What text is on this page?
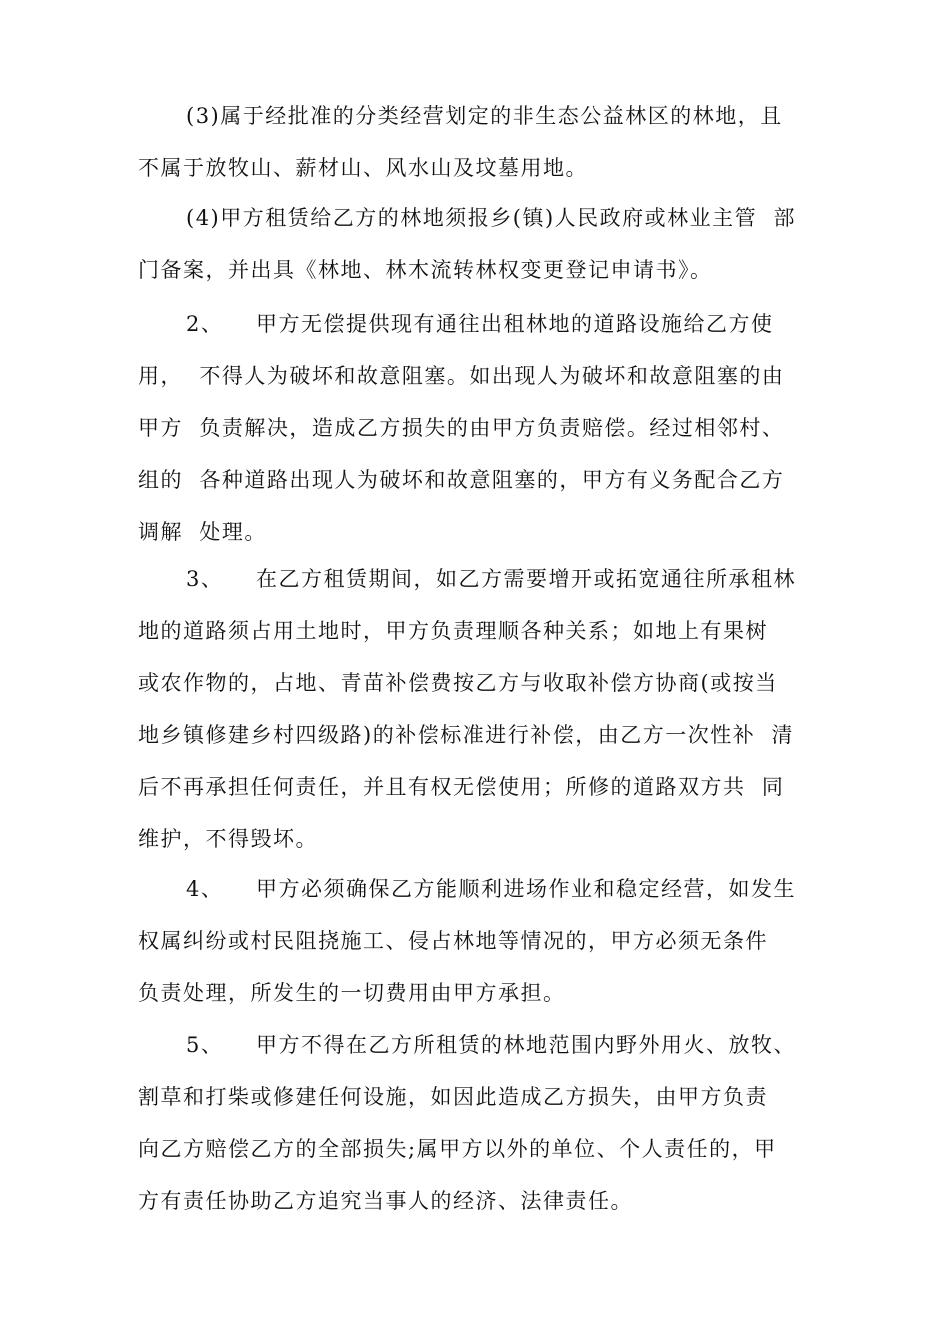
(3)属于经批准的分类经营划定的非生态公益林区的林地，且
不属于放牧山、薪材山、风水山及坟墓用地。
(4)甲方租赁给乙方的林地须报乡(镇)人民政府或林业主管  部
门备案，并出具《林地、林木流转林权变更登记申请书》。
2、    甲方无偿提供现有通往出租林地的道路设施给乙方使
用，  不得人为破坏和故意阻塞。如出现人为破坏和故意阻塞的由
甲方  负责解决，造成乙方损失的由甲方负责赔偿。经过相邻村、
组的  各种道路出现人为破坏和故意阻塞的，甲方有义务配合乙方
调解  处理。
3、    在乙方租赁期间，如乙方需要增开或拓宽通往所承租林
地的道路须占用土地时，甲方负责理顺各种关系；如地上有果树
或农作物的，占地、青苗补偿费按乙方与收取补偿方协商(或按当
地乡镇修建乡村四级路)的补偿标准进行补偿，由乙方一次性补  清
后不再承担任何责任，并且有权无偿使用；所修的道路双方共  同
维护，不得毁坏。
4、    甲方必须确保乙方能顺利进场作业和稳定经营，如发生
权属纠纷或村民阻挠施工、侵占林地等情况的，甲方必须无条件
负责处理，所发生的一切费用由甲方承担。
5、    甲方不得在乙方所租赁的林地范围内野外用火、放牧、
割草和打柴或修建任何设施，如因此造成乙方损失，由甲方负责
向乙方赔偿乙方的全部损失;属甲方以外的单位、个人责任的，甲
方有责任协助乙方追究当事人的经济、法律责任。
